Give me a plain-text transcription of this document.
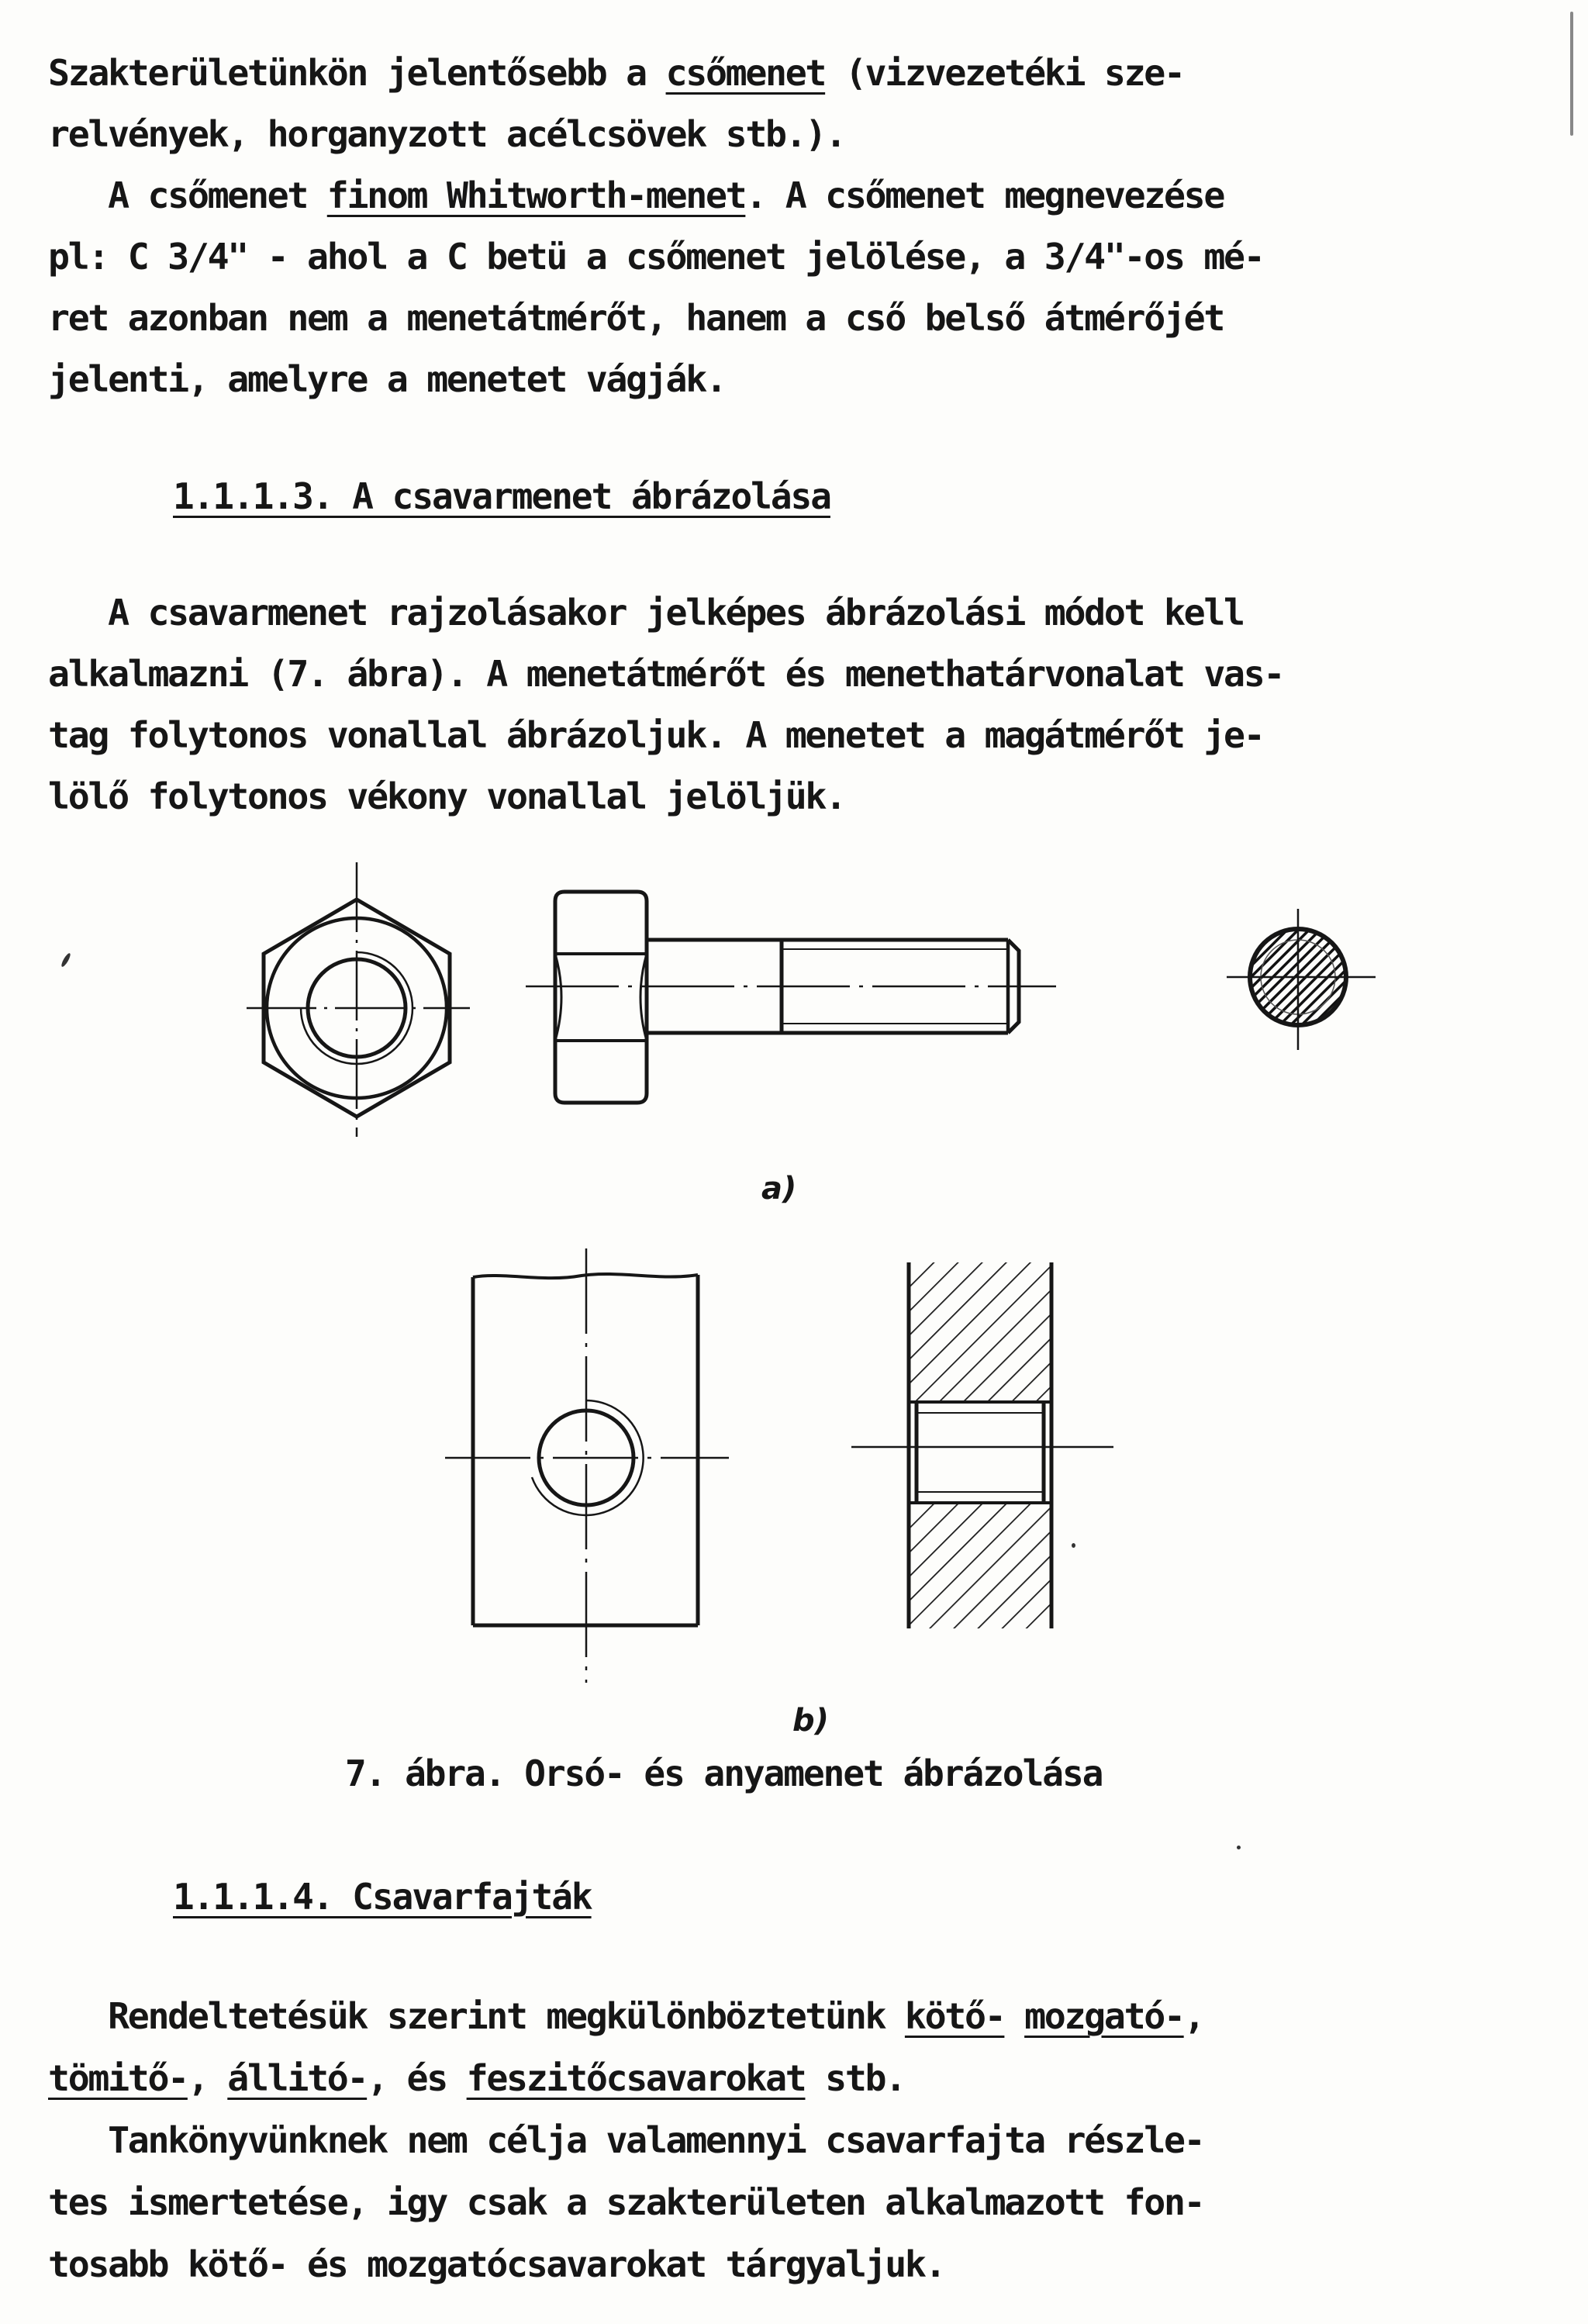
Szakterületünkön jelentősebb a csőmenet (vizvezetéki sze-
relvények, horganyzott acélcsövek stb.).
A csőmenet finom Whitworth-menet. A csőmenet megnevezése
pl: C 3/4" - ahol a C betü a csőmenet jelölése, a 3/4"-os mé-
ret azonban nem a menetátmérőt, hanem a cső belső átmérőjét
jelenti, amelyre a menetet vágják.
1.1.1.3. A csavarmenet ábrázolása
A csavarmenet rajzolásakor jelképes ábrázolási módot kell
alkalmazni (7. ábra). A menetátmérőt és menethatárvonalat vas-
tag folytonos vonallal ábrázoljuk. A menetet a magátmérőt je-
lölő folytonos vékony vonallal jelöljük.
a)
b)
7. ábra. Orsó- és anyamenet ábrázolása
1.1.1.4. Csavarfajták
Rendeltetésük szerint megkülönböztetünk kötő- mozgató-,
tömitő-, állitó-, és feszitőcsavarokat stb.
Tankönyvünknek nem célja valamennyi csavarfajta részle-
tes ismertetése, igy csak a szakterületen alkalmazott fon-
tosabb kötő- és mozgatócsavarokat tárgyaljuk.
